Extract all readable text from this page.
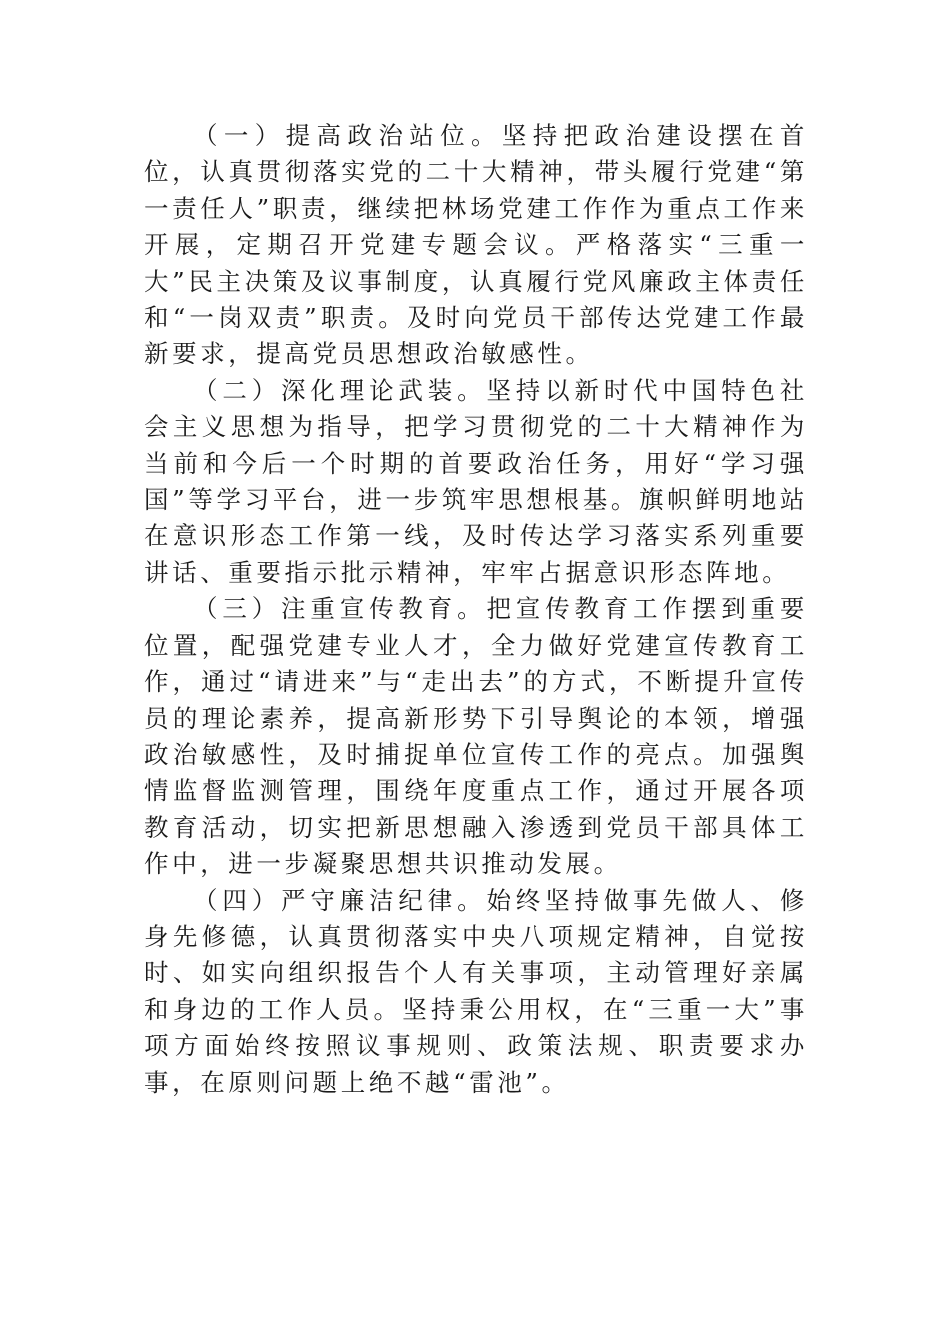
（一）提高政治站位。坚持把政治建设摆在首位，认真贯彻落实党的二十大精神，带头履行党建“第一责任人”职责，继续把林场党建工作作为重点工作来开展，定期召开党建专题会议。严格落实“三重一大”民主决策及议事制度，认真履行党风廉政主体责任和“一岗双责”职责。及时向党员干部传达党建工作最新要求，提高党员思想政治敏感性。

（二）深化理论武装。坚持以新时代中国特色社会主义思想为指导，把学习贯彻党的二十大精神作为当前和今后一个时期的首要政治任务，用好“学习强国”等学习平台，进一步筑牢思想根基。旗帜鲜明地站在意识形态工作第一线，及时传达学习落实系列重要讲话、重要指示批示精神，牢牢占据意识形态阵地。

（三）注重宣传教育。把宣传教育工作摆到重要位置，配强党建专业人才，全力做好党建宣传教育工作，通过“请进来”与“走出去”的方式，不断提升宣传员的理论素养，提高新形势下引导舆论的本领，增强政治敏感性，及时捕捉单位宣传工作的亮点。加强舆情监督监测管理，围绕年度重点工作，通过开展各项教育活动，切实把新思想融入渗透到党员干部具体工作中，进一步凝聚思想共识推动发展。

（四）严守廉洁纪律。始终坚持做事先做人、修身先修德，认真贯彻落实中央八项规定精神，自觉按时、如实向组织报告个人有关事项，主动管理好亲属和身边的工作人员。坚持秉公用权，在“三重一大”事项方面始终按照议事规则、政策法规、职责要求办事，在原则问题上绝不越“雷池”。
